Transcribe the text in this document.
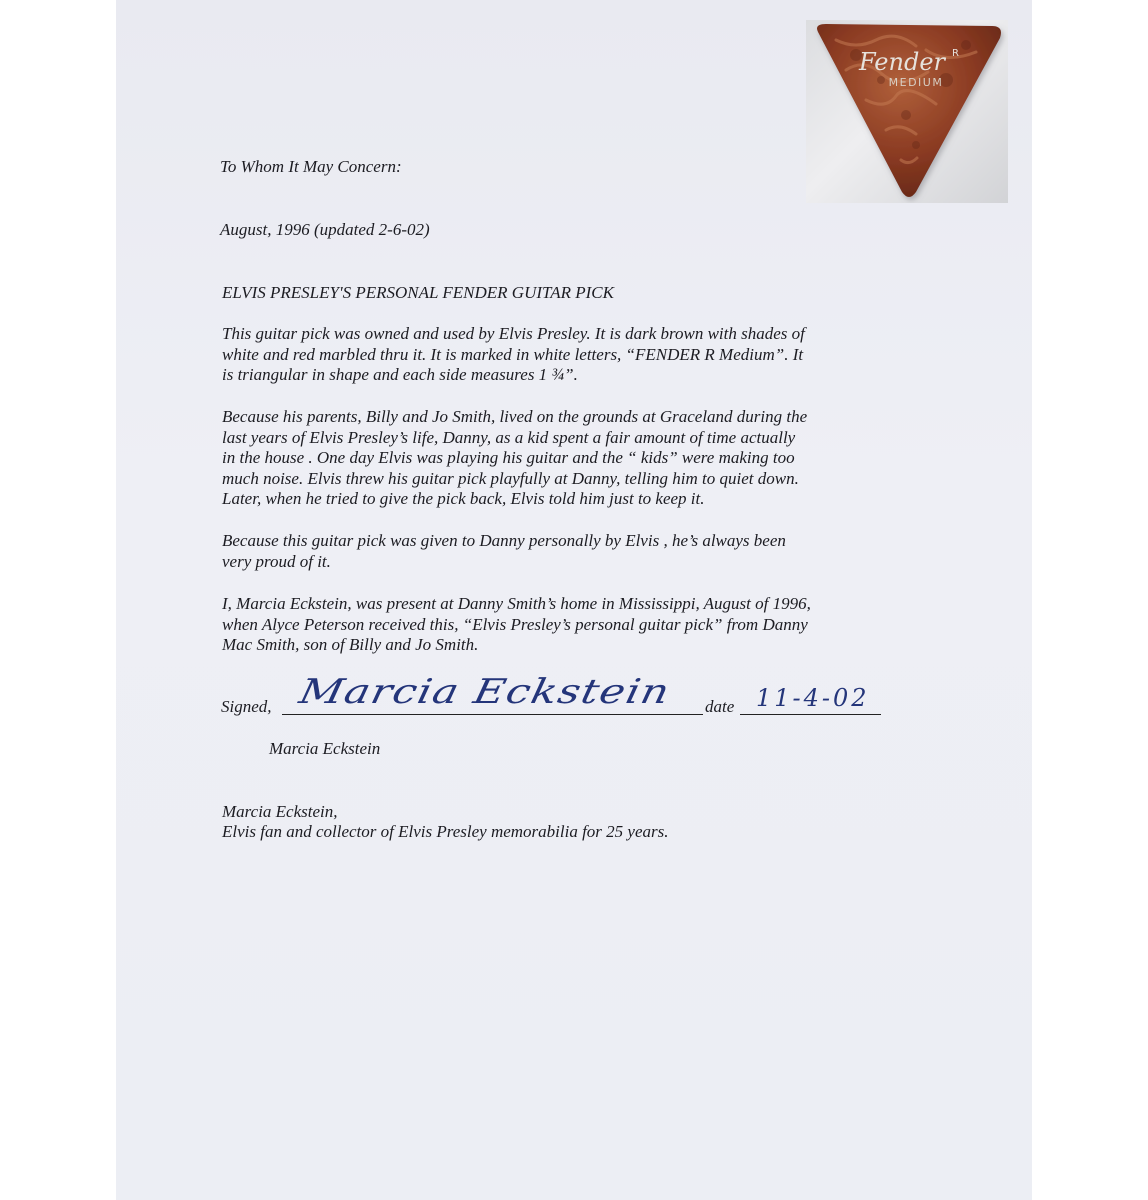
Fender R
MEDIUM
To Whom It May Concern:
August, 1996 (updated 2-6-02)
ELVIS PRESLEY'S PERSONAL FENDER GUITAR PICK
This guitar pick was owned and used by Elvis Presley. It is dark brown with shades of
white and red marbled thru it. It is marked in white letters, “FENDER R Medium”. It
is triangular in shape and each side measures 1 ¾”.
Because his parents, Billy and Jo Smith, lived on the grounds at Graceland during the
last years of Elvis Presley’s life, Danny, as a kid spent a fair amount of time actually
in the house . One day Elvis was playing his guitar and the “ kids” were making too
much noise. Elvis threw his guitar pick playfully at Danny, telling him to quiet down.
Later, when he tried to give the pick back, Elvis told him just to keep it.
Because this guitar pick was given to Danny personally by Elvis , he’s always been
very proud of it.
I, Marcia Eckstein, was present at Danny Smith’s home in Mississippi, August of 1996,
when Alyce Peterson received this, “Elvis Presley’s personal guitar pick” from Danny
Mac Smith, son of Billy and Jo Smith.
Signed, Marcia Eckstein date 11-4-02
Marcia Eckstein
Marcia Eckstein,
Elvis fan and collector of Elvis Presley memorabilia for 25 years.
